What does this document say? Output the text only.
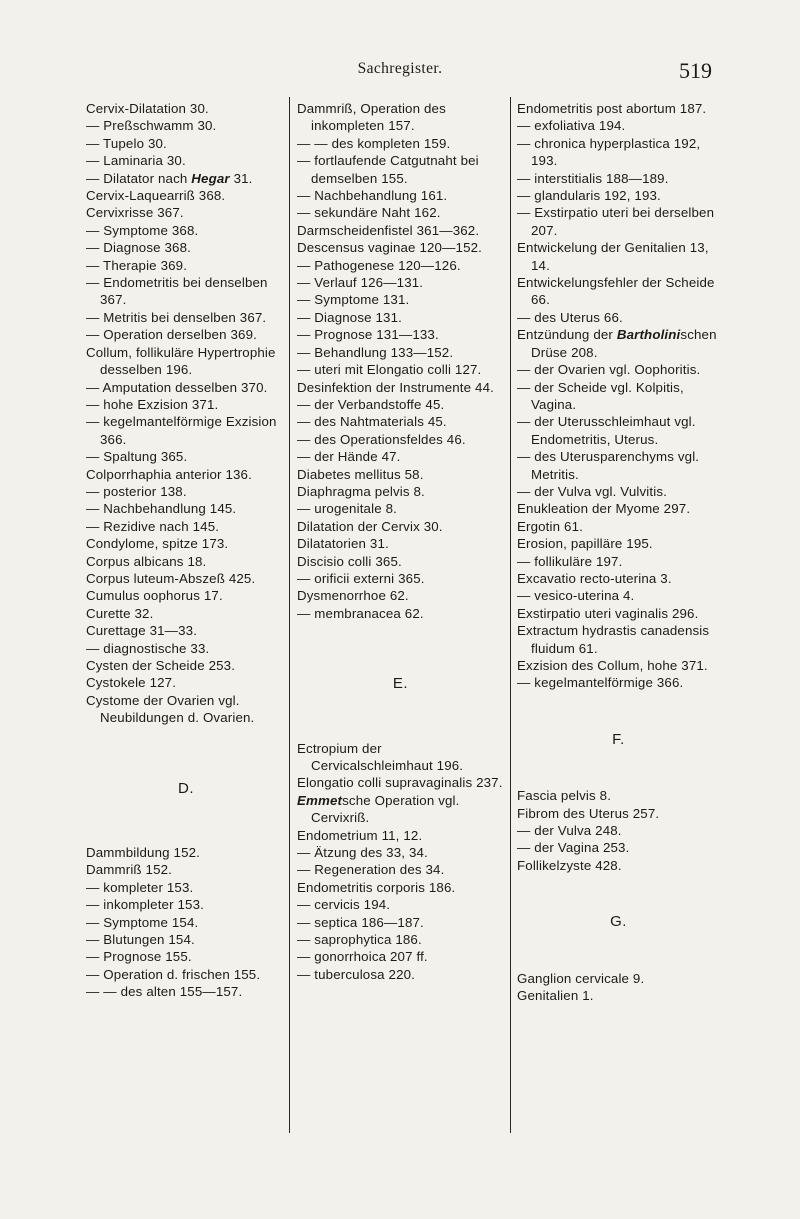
Sachregister.	519

Cervix-Dilatation 30.

— Preßschwamm 30.

— Tupelo 30.

— Laminaria 30.

— Dilatator nach Hegar 31.

Cervix-Laquearriß 368.

Cervixrisse 367.

— Symptome 368.

— Diagnose 368.

— Therapie 369.

— Endometritis bei denselben 367.

— Metritis bei denselben 367.

— Operation derselben 369.

Collum, follikuläre Hypertrophie desselben 196.

— Amputation desselben 370.

— hohe Exzision 371.

— kegelmantelförmige Exzision 366.

— Spaltung 365.

Colporrhaphia anterior 136.

— posterior 138.

— Nachbehandlung 145.

— Rezidive nach 145.

Condylome, spitze 173.

Corpus albicans 18.

Corpus luteum-Abszeß 425.

Cumulus oophorus 17.

Curette 32.

Curettage 31—33.

— diagnostische 33.

Cysten der Scheide 253.

Cystokele 127.

Cystome der Ovarien vgl. Neubildungen d. Ovarien.

D.

Dammbildung 152.

Dammriß 152.

— kompleter 153.

— inkompleter 153.

— Symptome 154.

— Blutungen 154.

— Prognose 155.

— Operation d. frischen 155.

— — des alten 155—157.

Dammriß, Operation des inkompleten 157.

— — des kompleten 159.

— fortlaufende Catgutnaht bei demselben 155.

— Nachbehandlung 161.

— sekundäre Naht 162.

Darmscheidenfistel 361—362.

Descensus vaginae 120—152.

— Pathogenese 120—126.

— Verlauf 126—131.

— Symptome 131.

— Diagnose 131.

— Prognose 131—133.

— Behandlung 133—152.

— uteri mit Elongatio colli 127.

Desinfektion der Instrumente 44.

— der Verbandstoffe 45.

— des Nahtmaterials 45.

— des Operationsfeldes 46.

— der Hände 47.

Diabetes mellitus 58.

Diaphragma pelvis 8.

— urogenitale 8.

Dilatation der Cervix 30.

Dilatatorien 31.

Discisio colli 365.

— orificii externi 365.

Dysmenorrhoe 62.

— membranacea 62.

E.

Ectropium der Cervicalschleimhaut 196.

Elongatio colli supravaginalis 237.

Emmetsche Operation vgl. Cervixriß.

Endometrium 11, 12.

— Ätzung des 33, 34.

— Regeneration des 34.

Endometritis corporis 186.

— cervicis 194.

— septica 186—187.

— saprophytica 186.

— gonorrhoica 207 ff.

— tuberculosa 220.

Endometritis post abortum 187.

— exfoliativa 194.

— chronica hyperplastica 192, 193.

— interstitialis 188—189.

— glandularis 192, 193.

— Exstirpatio uteri bei derselben 207.

Entwickelung der Genitalien 13, 14.

Entwickelungsfehler der Scheide 66.

— des Uterus 66.

Entzündung der Bartholinischen Drüse 208.

— der Ovarien vgl. Oophoritis.

— der Scheide vgl. Kolpitis, Vagina.

— der Uterusschleimhaut vgl. Endometritis, Uterus.

— des Uterusparenchyms vgl. Metritis.

— der Vulva vgl. Vulvitis.

Enukleation der Myome 297.

Ergotin 61.

Erosion, papilläre 195.

— follikuläre 197.

Excavatio recto-uterina 3.

— vesico-uterina 4.

Exstirpatio uteri vaginalis 296.

Extractum hydrastis canadensis fluidum 61.

Exzision des Collum, hohe 371.

— kegelmantelförmige 366.

F.

Fascia pelvis 8.

Fibrom des Uterus 257.

— der Vulva 248.

— der Vagina 253.

Follikelzyste 428.

G.

Ganglion cervicale 9.

Genitalien 1.
